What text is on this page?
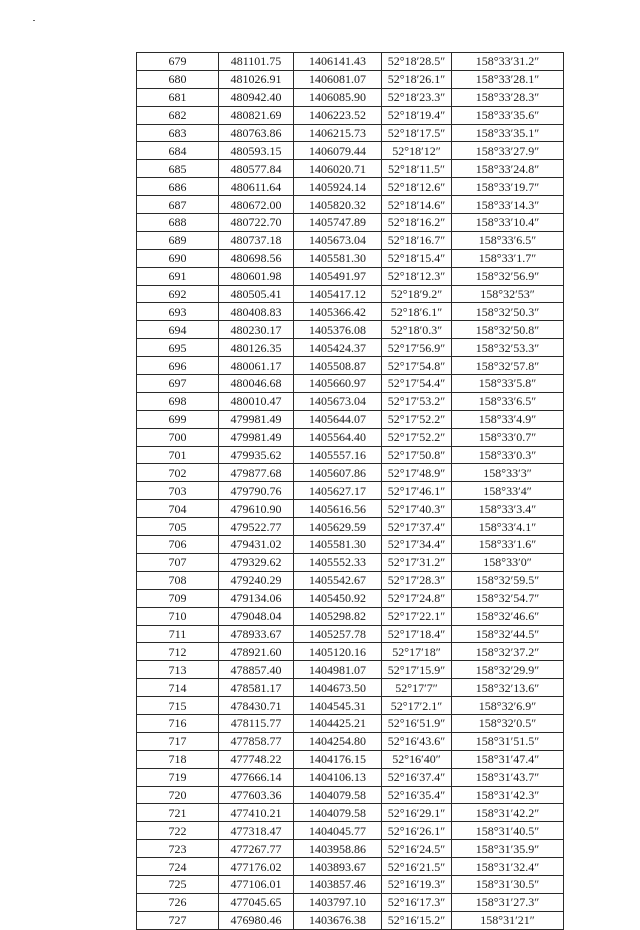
679	481101.75	1406141.43	52°18′28.5″	158°33′31.2″
680	481026.91	1406081.07	52°18′26.1″	158°33′28.1″
681	480942.40	1406085.90	52°18′23.3″	158°33′28.3″
682	480821.69	1406223.52	52°18′19.4″	158°33′35.6″
683	480763.86	1406215.73	52°18′17.5″	158°33′35.1″
684	480593.15	1406079.44	52°18′12″	158°33′27.9″
685	480577.84	1406020.71	52°18′11.5″	158°33′24.8″
686	480611.64	1405924.14	52°18′12.6″	158°33′19.7″
687	480672.00	1405820.32	52°18′14.6″	158°33′14.3″
688	480722.70	1405747.89	52°18′16.2″	158°33′10.4″
689	480737.18	1405673.04	52°18′16.7″	158°33′6.5″
690	480698.56	1405581.30	52°18′15.4″	158°33′1.7″
691	480601.98	1405491.97	52°18′12.3″	158°32′56.9″
692	480505.41	1405417.12	52°18′9.2″	158°32′53″
693	480408.83	1405366.42	52°18′6.1″	158°32′50.3″
694	480230.17	1405376.08	52°18′0.3″	158°32′50.8″
695	480126.35	1405424.37	52°17′56.9″	158°32′53.3″
696	480061.17	1405508.87	52°17′54.8″	158°32′57.8″
697	480046.68	1405660.97	52°17′54.4″	158°33′5.8″
698	480010.47	1405673.04	52°17′53.2″	158°33′6.5″
699	479981.49	1405644.07	52°17′52.2″	158°33′4.9″
700	479981.49	1405564.40	52°17′52.2″	158°33′0.7″
701	479935.62	1405557.16	52°17′50.8″	158°33′0.3″
702	479877.68	1405607.86	52°17′48.9″	158°33′3″
703	479790.76	1405627.17	52°17′46.1″	158°33′4″
704	479610.90	1405616.56	52°17′40.3″	158°33′3.4″
705	479522.77	1405629.59	52°17′37.4″	158°33′4.1″
706	479431.02	1405581.30	52°17′34.4″	158°33′1.6″
707	479329.62	1405552.33	52°17′31.2″	158°33′0″
708	479240.29	1405542.67	52°17′28.3″	158°32′59.5″
709	479134.06	1405450.92	52°17′24.8″	158°32′54.7″
710	479048.04	1405298.82	52°17′22.1″	158°32′46.6″
711	478933.67	1405257.78	52°17′18.4″	158°32′44.5″
712	478921.60	1405120.16	52°17′18″	158°32′37.2″
713	478857.40	1404981.07	52°17′15.9″	158°32′29.9″
714	478581.17	1404673.50	52°17′7″	158°32′13.6″
715	478430.71	1404545.31	52°17′2.1″	158°32′6.9″
716	478115.77	1404425.21	52°16′51.9″	158°32′0.5″
717	477858.77	1404254.80	52°16′43.6″	158°31′51.5″
718	477748.22	1404176.15	52°16′40″	158°31′47.4″
719	477666.14	1404106.13	52°16′37.4″	158°31′43.7″
720	477603.36	1404079.58	52°16′35.4″	158°31′42.3″
721	477410.21	1404079.58	52°16′29.1″	158°31′42.2″
722	477318.47	1404045.77	52°16′26.1″	158°31′40.5″
723	477267.77	1403958.86	52°16′24.5″	158°31′35.9″
724	477176.02	1403893.67	52°16′21.5″	158°31′32.4″
725	477106.01	1403857.46	52°16′19.3″	158°31′30.5″
726	477045.65	1403797.10	52°16′17.3″	158°31′27.3″
727	476980.46	1403676.38	52°16′15.2″	158°31′21″
